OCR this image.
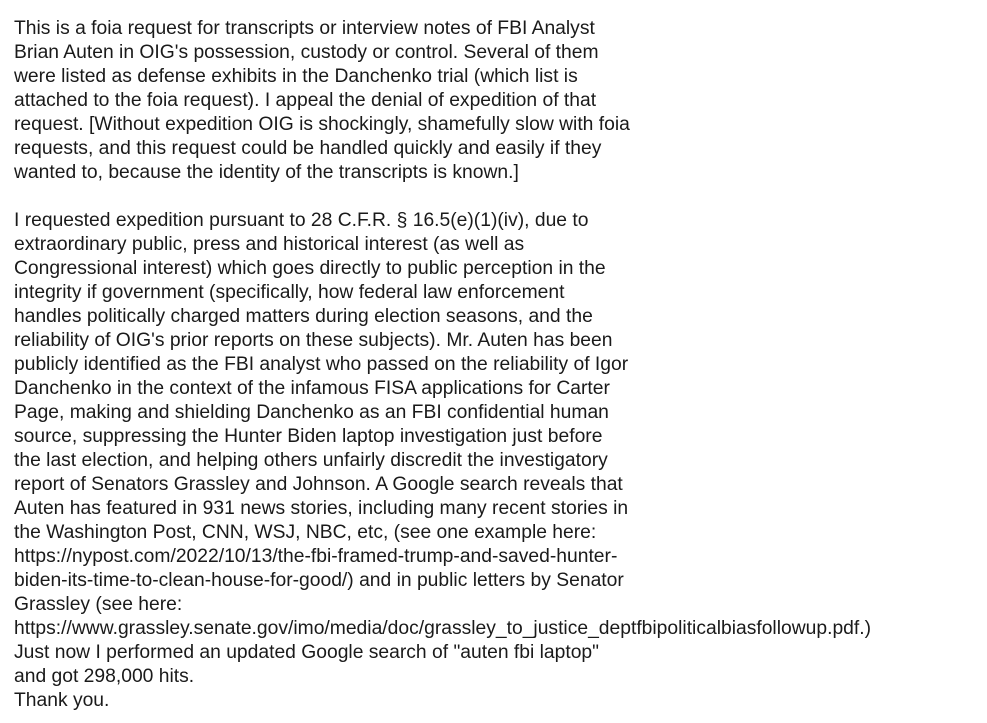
This is a foia request for transcripts or interview notes of FBI Analyst
Brian Auten in OIG's possession, custody or control. Several of them
were listed as defense exhibits in the Danchenko trial (which list is
attached to the foia request). I appeal the denial of expedition of that
request. [Without expedition OIG is shockingly, shamefully slow with foia
requests, and this request could be handled quickly and easily if they
wanted to, because the identity of the transcripts is known.]
I requested expedition pursuant to 28 C.F.R. § 16.5(e)(1)(iv), due to
extraordinary public, press and historical interest (as well as
Congressional interest) which goes directly to public perception in the
integrity if government (specifically, how federal law enforcement
handles politically charged matters during election seasons, and the
reliability of OIG's prior reports on these subjects). Mr. Auten has been
publicly identified as the FBI analyst who passed on the reliability of Igor
Danchenko in the context of the infamous FISA applications for Carter
Page, making and shielding Danchenko as an FBI confidential human
source, suppressing the Hunter Biden laptop investigation just before
the last election, and helping others unfairly discredit the investigatory
report of Senators Grassley and Johnson. A Google search reveals that
Auten has featured in 931 news stories, including many recent stories in
the Washington Post, CNN, WSJ, NBC, etc, (see one example here:
https://nypost.com/2022/10/13/the-fbi-framed-trump-and-saved-hunter-
biden-its-time-to-clean-house-for-good/) and in public letters by Senator
Grassley (see here:
https://www.grassley.senate.gov/imo/media/doc/grassley_to_justice_deptfbipoliticalbiasfollowup.pdf.)
Just now I performed an updated Google search of "auten fbi laptop"
and got 298,000 hits.
Thank you.
